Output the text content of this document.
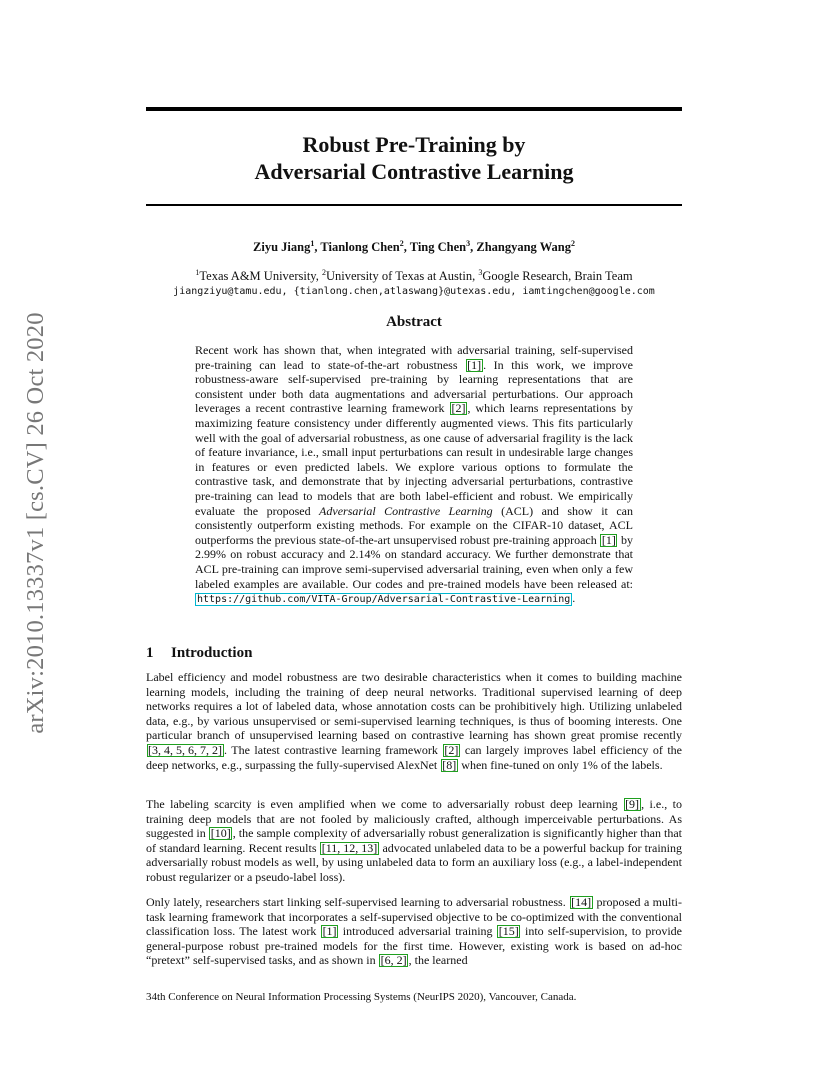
arXiv:2010.13337v1 [cs.CV] 26 Oct 2020
Robust Pre-Training by
Adversarial Contrastive Learning
Ziyu Jiang$^1$, Tianlong Chen$^2$, Ting Chen$^3$, Zhangyang Wang$^2$
$^1$Texas A&M University, $^2$University of Texas at Austin, $^3$Google Research, Brain Team
jiangziyu@tamu.edu, {tianlong.chen,atlaswang}@utexas.edu, iamtingchen@google.com
Abstract

Recent work has shown that, when integrated with adversarial training, self-supervised pre-training can lead to state-of-the-art robustness [1] . In this work, we improve robustness-aware self-supervised pre-training by learning representations that are consistent under both data augmentations and adversarial perturbations. Our approach leverages a recent contrastive learning framework [2] , which learns representations by maximizing feature consistency under differently augmented views. This fits particularly well with the goal of adversarial robustness, as one cause of adversarial fragility is the lack of feature invariance, i.e., small input perturbations can result in undesirable large changes in features or even predicted labels. We explore various options to formulate the contrastive task, and demonstrate that by injecting adversarial perturbations, contrastive pre-training can lead to models that are both label-efficient and robust. We empirically evaluate the proposed Adversarial Contrastive Learning (ACL) and show it can consistently outperform existing methods. For example on the CIFAR-10 dataset, ACL outperforms the previous state-of-the-art unsupervised robust pre-training approach [1] by 2.99% on robust accuracy and 2.14% on standard accuracy. We further demonstrate that ACL pre-training can improve semi-supervised adversarial training, even when only a few labeled examples are available. Our codes and pre-trained models have been released at: https://github.com/VITA-Group/Adversarial-Contrastive-Learning .

1 Introduction

Label efficiency and model robustness are two desirable characteristics when it comes to building machine learning models, including the training of deep neural networks. Traditional supervised learning of deep networks requires a lot of labeled data, whose annotation costs can be prohibitively high. Utilizing unlabeled data, e.g., by various unsupervised or semi-supervised learning techniques, is thus of booming interests. One particular branch of unsupervised learning based on contrastive learning has shown great promise recently [3, 4, 5, 6, 7, 2] . The latest contrastive learning framework [2] can largely improves label efficiency of the deep networks, e.g., surpassing the fully-supervised AlexNet [8] when fine-tuned on only 1% of the labels.

The labeling scarcity is even amplified when we come to adversarially robust deep learning [9] , i.e., to training deep models that are not fooled by maliciously crafted, although imperceivable perturbations. As suggested in [10] , the sample complexity of adversarially robust generalization is significantly higher than that of standard learning. Recent results [11, 12, 13] advocated unlabeled data to be a powerful backup for training adversarially robust models as well, by using unlabeled data to form an auxiliary loss (e.g., a label-independent robust regularizer or a pseudo-label loss).

Only lately, researchers start linking self-supervised learning to adversarial robustness. [14] proposed a multi-task learning framework that incorporates a self-supervised objective to be co-optimized with the conventional classification loss. The latest work [1] introduced adversarial training [15] into self-supervision, to provide general-purpose robust pre-trained models for the first time. However, existing work is based on ad-hoc “pretext” self-supervised tasks, and as shown in [6, 2] , the learned

34th Conference on Neural Information Processing Systems (NeurIPS 2020), Vancouver, Canada.
